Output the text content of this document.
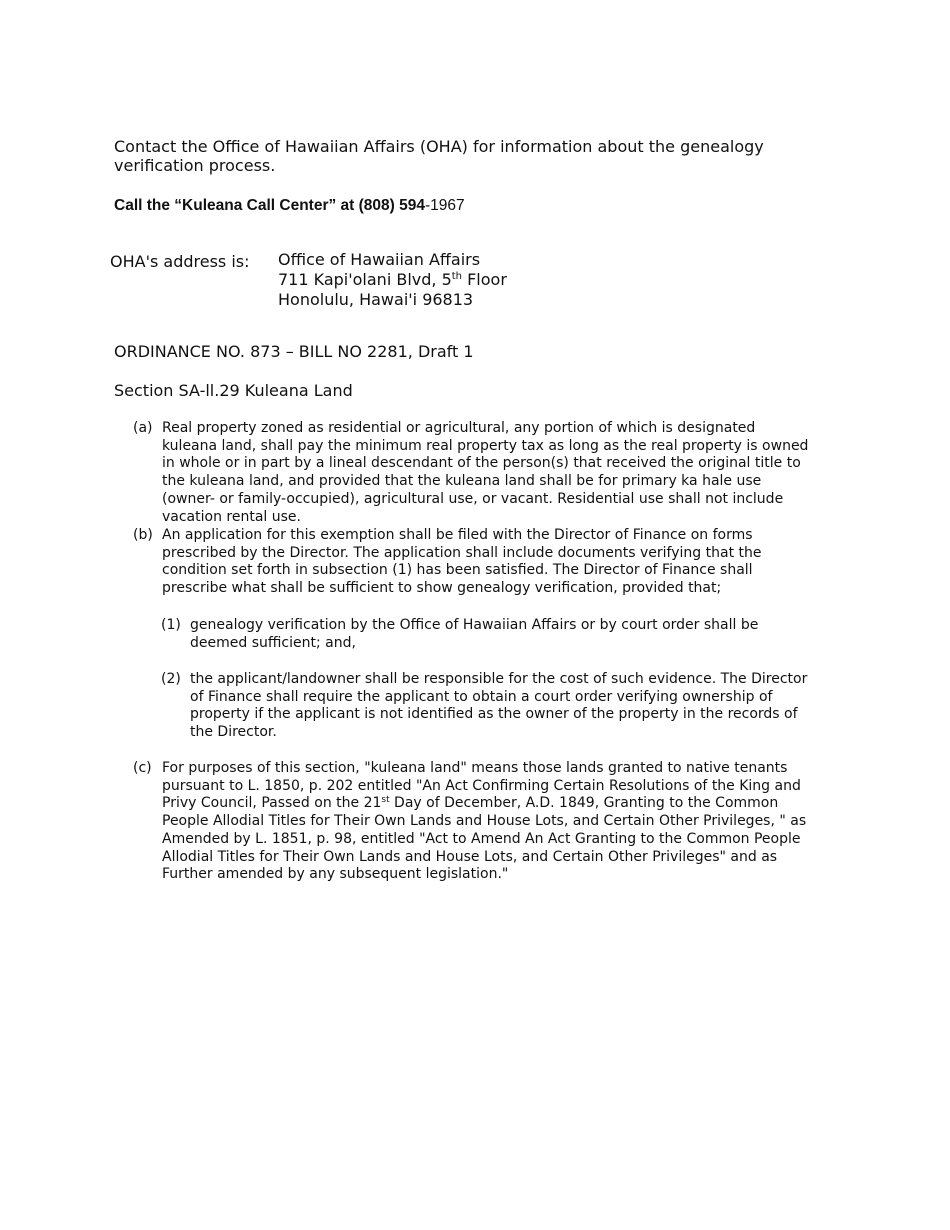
Contact the Office of Hawaiian Affairs (OHA) for information about the genealogy verification process.

Call the “Kuleana Call Center” at (808) 594-1967

OHA's address is: Office of Hawaiian Affairs
711 Kapi'olani Blvd, 5th Floor
Honolulu, Hawai'i 96813

ORDINANCE NO. 873 – BILL NO 2281, Draft 1

Section SA-ll.29 Kuleana Land

(a) Real property zoned as residential or agricultural, any portion of which is designated kuleana land, shall pay the minimum real property tax as long as the real property is owned in whole or in part by a lineal descendant of the person(s) that received the original title to the kuleana land, and provided that the kuleana land shall be for primary ka hale use (owner- or family-occupied), agricultural use, or vacant. Residential use shall not include vacation rental use.
(b) An application for this exemption shall be filed with the Director of Finance on forms prescribed by the Director. The application shall include documents verifying that the condition set forth in subsection (1) has been satisfied. The Director of Finance shall prescribe what shall be sufficient to show genealogy verification, provided that;
(1) genealogy verification by the Office of Hawaiian Affairs or by court order shall be deemed sufficient; and,
(2) the applicant/landowner shall be responsible for the cost of such evidence. The Director of Finance shall require the applicant to obtain a court order verifying ownership of property if the applicant is not identified as the owner of the property in the records of the Director.
(c) For purposes of this section, "kuleana land" means those lands granted to native tenants pursuant to L. 1850, p. 202 entitled "An Act Confirming Certain Resolutions of the King and Privy Council, Passed on the 21st Day of December, A.D. 1849, Granting to the Common People Allodial Titles for Their Own Lands and House Lots, and Certain Other Privileges, " as Amended by L. 1851, p. 98, entitled "Act to Amend An Act Granting to the Common People Allodial Titles for Their Own Lands and House Lots, and Certain Other Privileges" and as Further amended by any subsequent legislation."
